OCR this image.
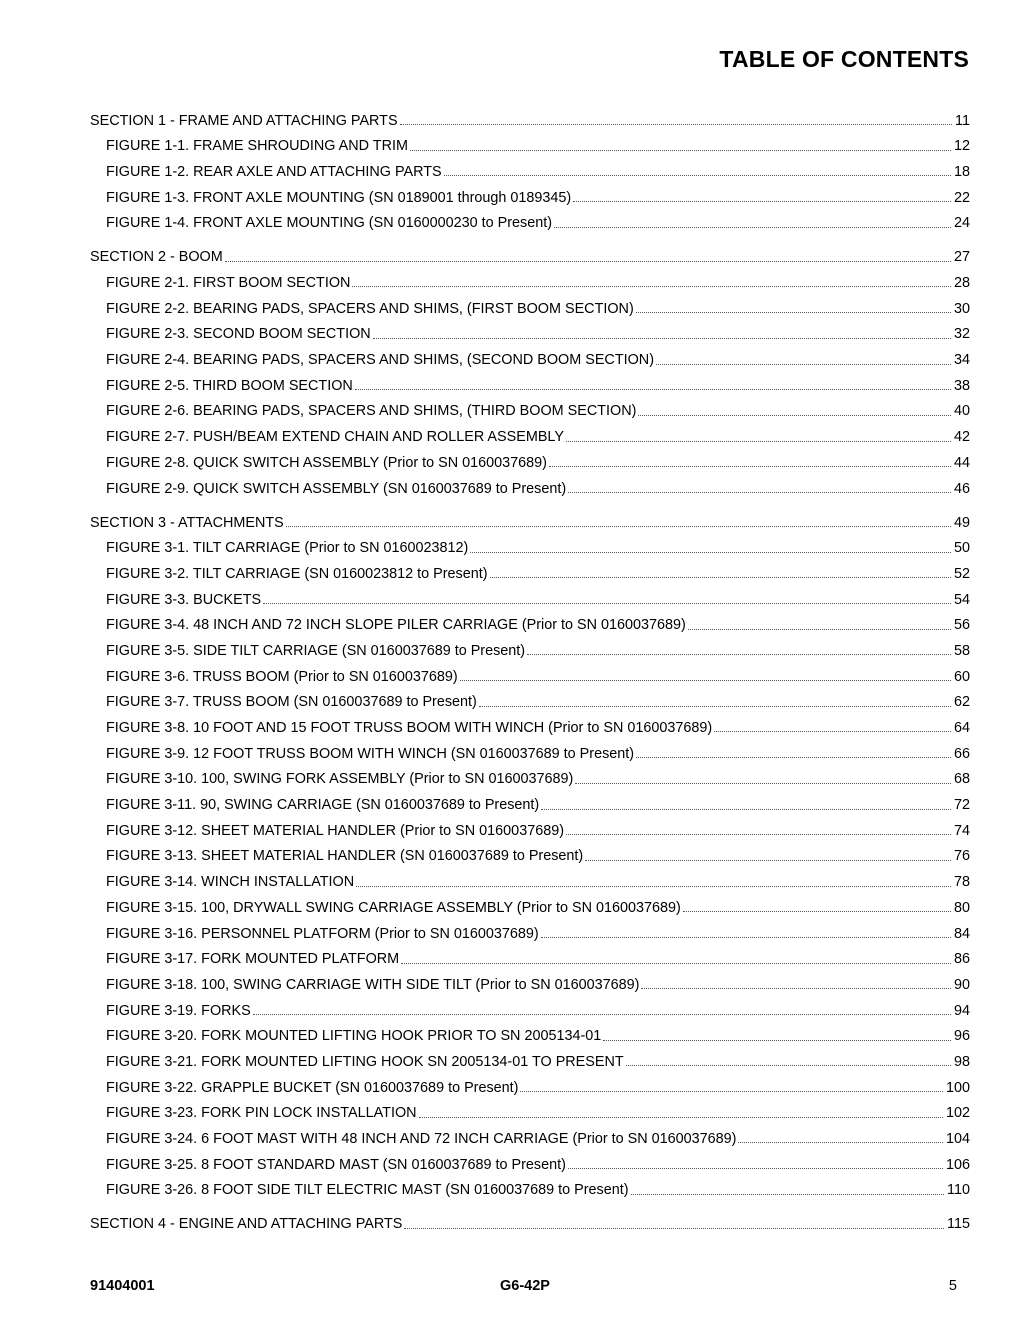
TABLE OF CONTENTS
SECTION 1 - FRAME AND ATTACHING PARTS	11
FIGURE 1-1. FRAME SHROUDING AND TRIM	12
FIGURE 1-2. REAR AXLE AND ATTACHING PARTS	18
FIGURE 1-3. FRONT AXLE MOUNTING (SN 0189001 through 0189345)	22
FIGURE 1-4. FRONT AXLE MOUNTING (SN 0160000230 to Present)	24
SECTION 2 - BOOM	27
FIGURE 2-1. FIRST BOOM SECTION	28
FIGURE 2-2. BEARING PADS, SPACERS AND SHIMS, (FIRST BOOM SECTION)	30
FIGURE 2-3. SECOND BOOM SECTION	32
FIGURE 2-4. BEARING PADS, SPACERS AND SHIMS, (SECOND BOOM SECTION)	34
FIGURE 2-5. THIRD BOOM SECTION	38
FIGURE 2-6. BEARING PADS, SPACERS AND SHIMS, (THIRD BOOM SECTION)	40
FIGURE 2-7. PUSH/BEAM EXTEND CHAIN AND ROLLER ASSEMBLY	42
FIGURE 2-8. QUICK SWITCH ASSEMBLY (Prior to SN 0160037689)	44
FIGURE 2-9. QUICK SWITCH ASSEMBLY (SN 0160037689 to Present)	46
SECTION 3 - ATTACHMENTS	49
FIGURE 3-1. TILT CARRIAGE (Prior to SN 0160023812)	50
FIGURE 3-2. TILT CARRIAGE (SN 0160023812 to Present)	52
FIGURE 3-3. BUCKETS	54
FIGURE 3-4. 48 INCH AND 72 INCH SLOPE PILER CARRIAGE (Prior to SN 0160037689)	56
FIGURE 3-5. SIDE TILT CARRIAGE (SN 0160037689 to Present)	58
FIGURE 3-6. TRUSS BOOM (Prior to SN 0160037689)	60
FIGURE 3-7. TRUSS BOOM (SN 0160037689 to Present)	62
FIGURE 3-8. 10 FOOT AND 15 FOOT TRUSS BOOM WITH WINCH (Prior to SN 0160037689)	64
FIGURE 3-9. 12 FOOT TRUSS BOOM WITH WINCH (SN 0160037689 to Present)	66
FIGURE 3-10. 100, SWING FORK ASSEMBLY (Prior to SN 0160037689)	68
FIGURE 3-11. 90, SWING CARRIAGE (SN 0160037689 to Present)	72
FIGURE 3-12. SHEET MATERIAL HANDLER (Prior to SN 0160037689)	74
FIGURE 3-13. SHEET MATERIAL HANDLER (SN 0160037689 to Present)	76
FIGURE 3-14. WINCH INSTALLATION	78
FIGURE 3-15. 100, DRYWALL SWING CARRIAGE ASSEMBLY (Prior to SN 0160037689)	80
FIGURE 3-16. PERSONNEL PLATFORM (Prior to SN 0160037689)	84
FIGURE 3-17. FORK MOUNTED PLATFORM	86
FIGURE 3-18. 100, SWING CARRIAGE WITH SIDE TILT (Prior to SN 0160037689)	90
FIGURE 3-19. FORKS	94
FIGURE 3-20. FORK MOUNTED LIFTING HOOK PRIOR TO SN 2005134-01	96
FIGURE 3-21. FORK MOUNTED LIFTING HOOK SN 2005134-01 TO PRESENT	98
FIGURE 3-22. GRAPPLE BUCKET (SN 0160037689 to Present)	100
FIGURE 3-23. FORK PIN LOCK INSTALLATION	102
FIGURE 3-24. 6 FOOT MAST WITH 48 INCH AND 72 INCH CARRIAGE (Prior to SN 0160037689)	104
FIGURE 3-25. 8 FOOT STANDARD MAST (SN 0160037689 to Present)	106
FIGURE 3-26. 8 FOOT SIDE TILT ELECTRIC MAST (SN 0160037689 to Present)	110
SECTION 4 - ENGINE AND ATTACHING PARTS	115
91404001	G6-42P	5
